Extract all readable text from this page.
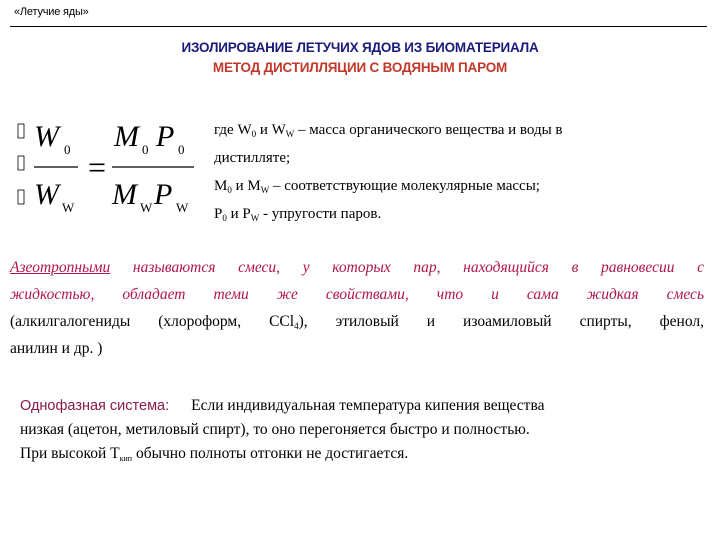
«Летучие яды»
ИЗОЛИРОВАНИЕ ЛЕТУЧИХ ЯДОВ ИЗ БИОМАТЕРИАЛА
МЕТОД ДИСТИЛЛЯЦИИ С ВОДЯНЫМ ПАРОМ
W 0
W W
=
M 0 P 0
M W P W
где $W_0$ и $W_W$ – масса органического вещества и воды в
дистилляте;
$M_0$ и $M_W$ – соответствующие молекулярные массы;
$P_0$ и $P_W$ - упругости паров.
Азеотропными называются смеси, у которых пар, находящийся в равновесии с
жидкостью, обладает теми же свойствами, что и сама жидкая смесь
(алкилгалогениды (хлороформ, CCl$_4$), этиловый и изоамиловый спирты, фенол,
анилин и др. )
Однофазная система: Если индивидуальная температура кипения вещества
низкая (ацетон, метиловый спирт), то оно перегоняется быстро и полностью.
При высокой $T_{кип}$ обычно полноты отгонки не достигается.
